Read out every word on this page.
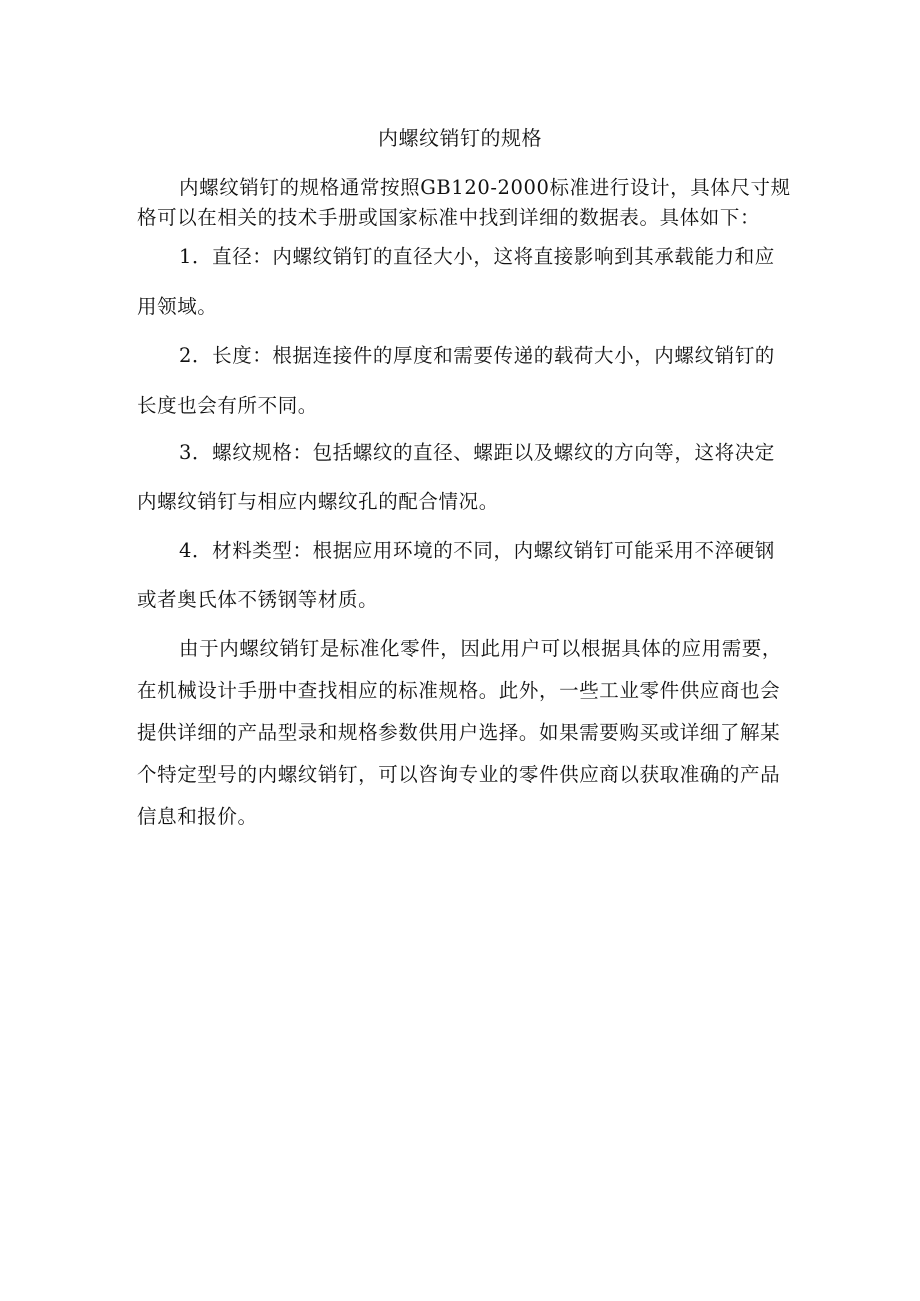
内螺纹销钉的规格
内螺纹销钉的规格通常按照GB120-2000标准进行设计，具体尺寸规
格可以在相关的技术手册或国家标准中找到详细的数据表。具体如下：
1．直径：内螺纹销钉的直径大小，这将直接影响到其承载能力和应
用领域。
2．长度：根据连接件的厚度和需要传递的载荷大小，内螺纹销钉的
长度也会有所不同。
3．螺纹规格：包括螺纹的直径、螺距以及螺纹的方向等，这将决定
内螺纹销钉与相应内螺纹孔的配合情况。
4．材料类型：根据应用环境的不同，内螺纹销钉可能采用不淬硬钢
或者奥氏体不锈钢等材质。
由于内螺纹销钉是标准化零件，因此用户可以根据具体的应用需要，
在机械设计手册中查找相应的标准规格。此外，一些工业零件供应商也会
提供详细的产品型录和规格参数供用户选择。如果需要购买或详细了解某
个特定型号的内螺纹销钉，可以咨询专业的零件供应商以获取准确的产品
信息和报价。
